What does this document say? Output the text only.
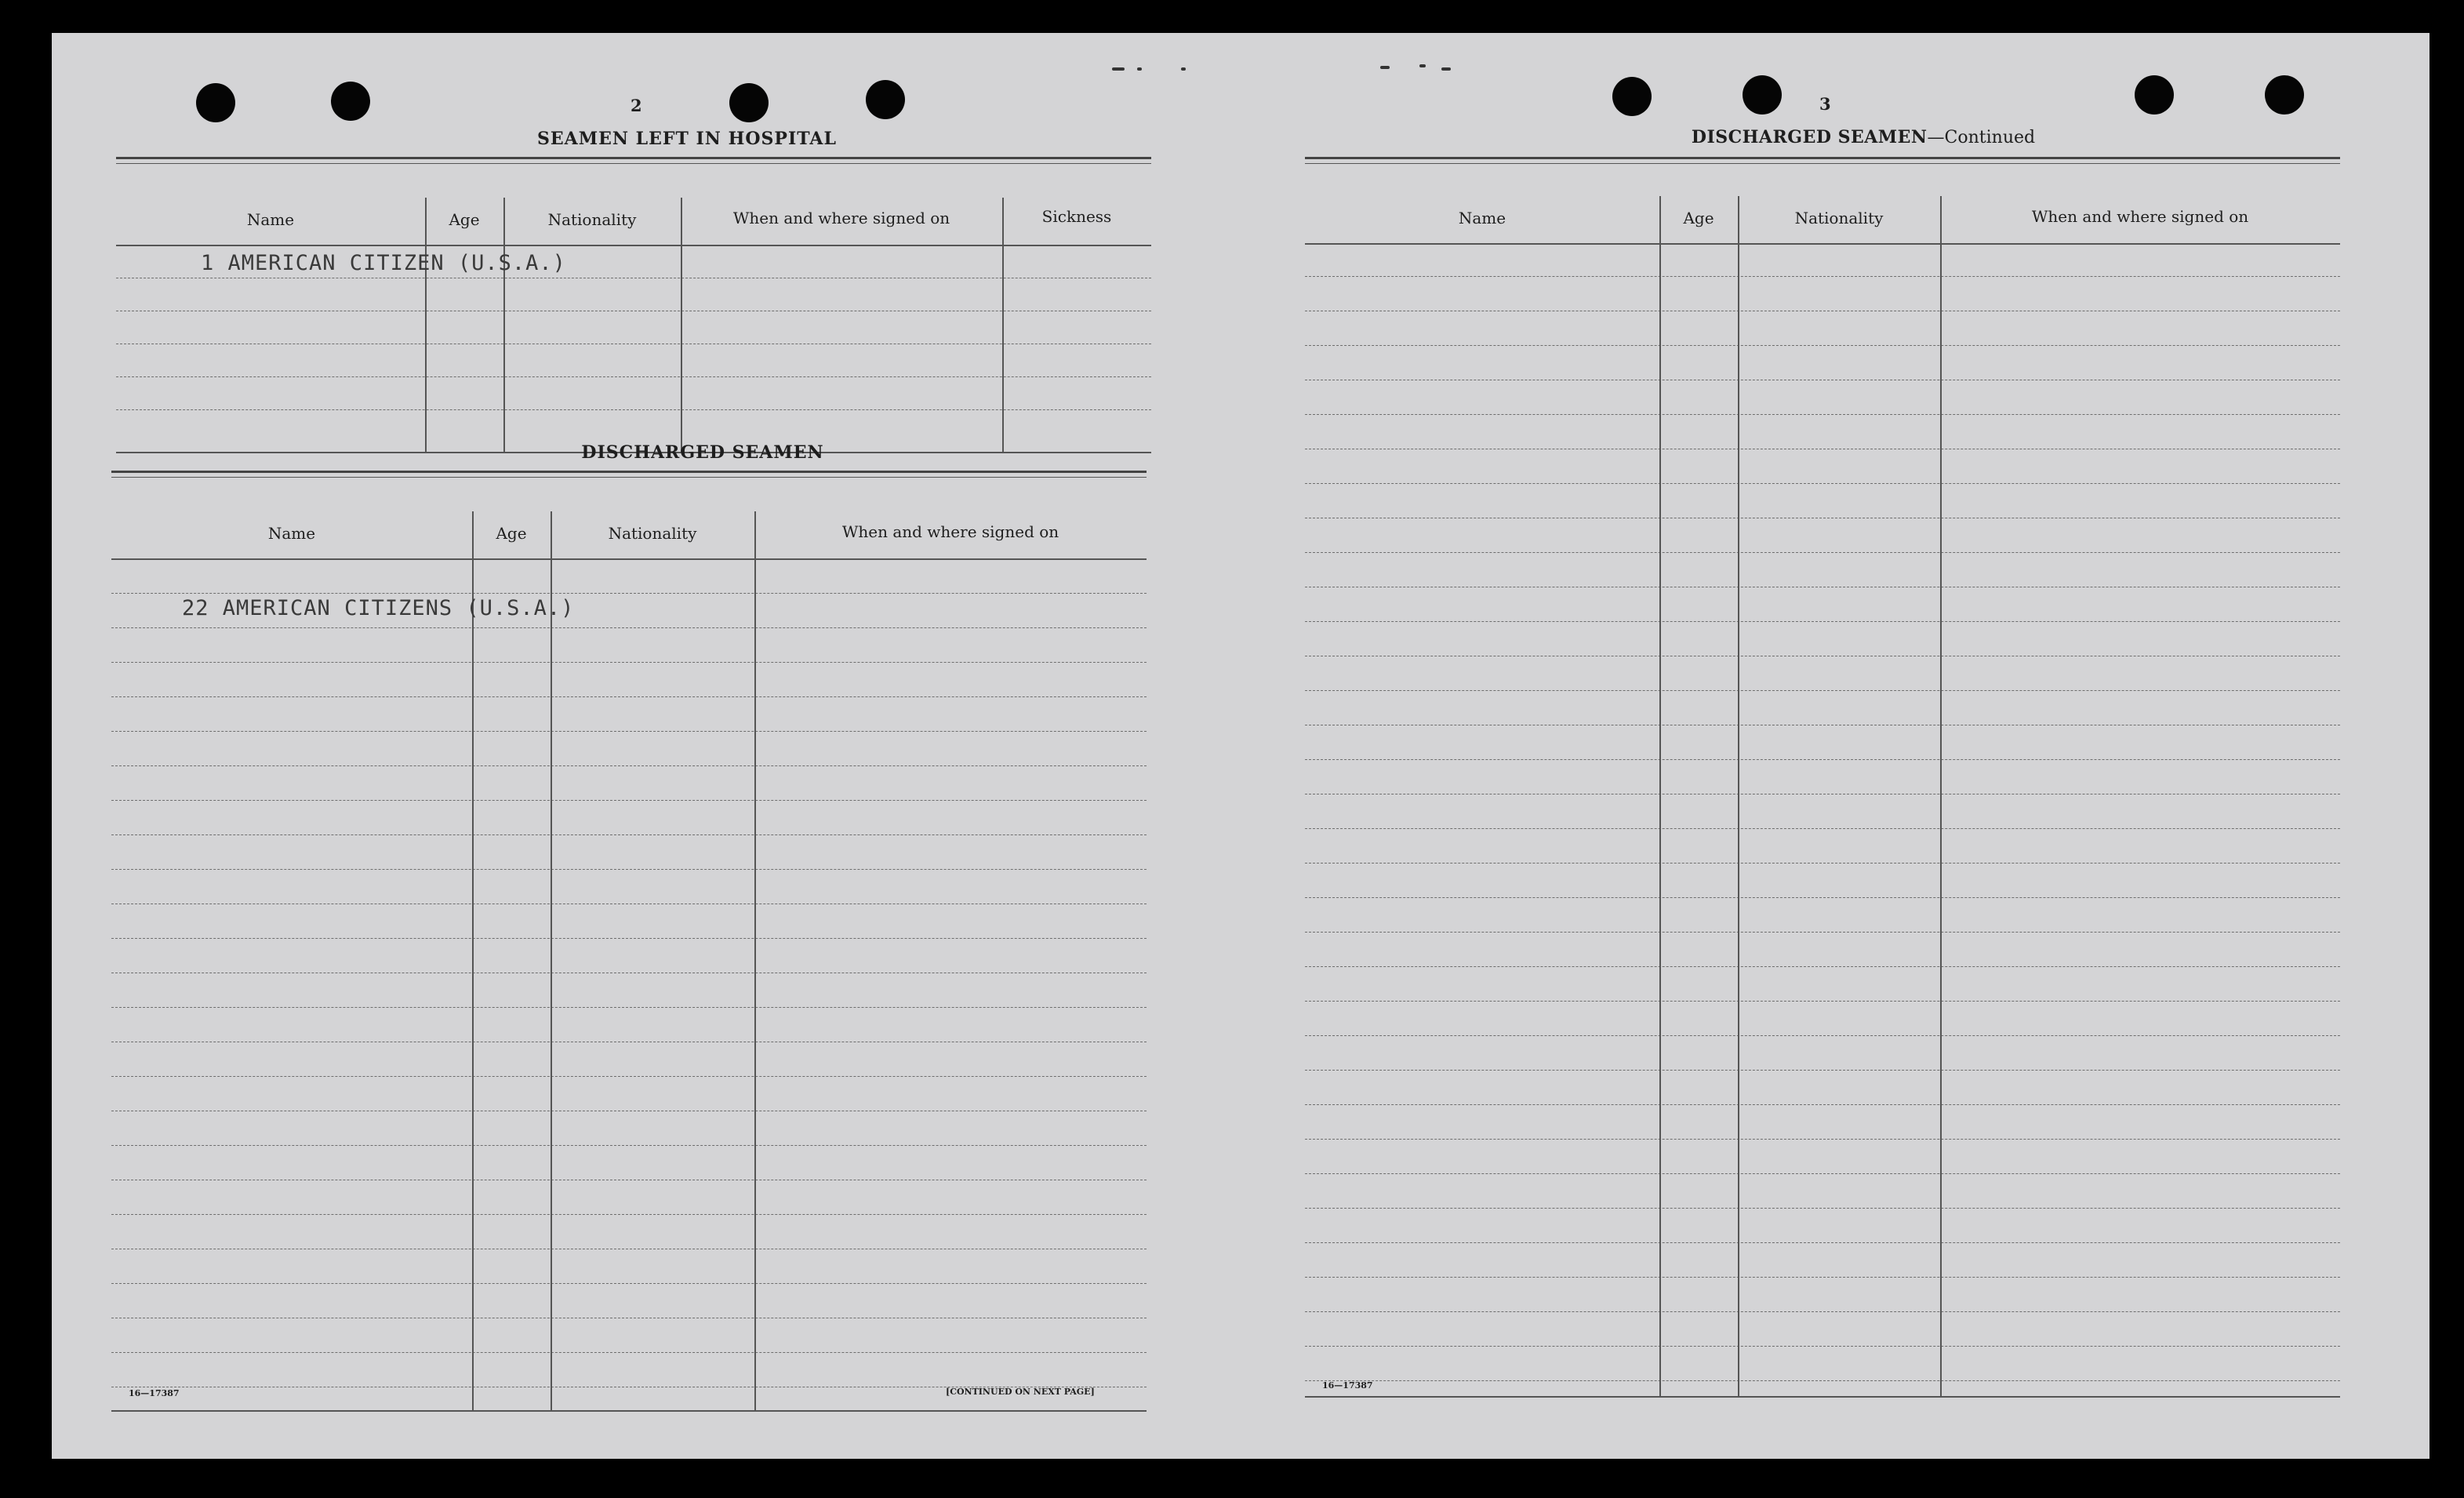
2
SEAMEN LEFT IN HOSPITAL
Name	Age	Nationality	When and where signed on	Sickness
1 AMERICAN CITIZEN (U.S.A.)
DISCHARGED SEAMEN
Name	Age	Nationality	When and where signed on
22 AMERICAN CITIZENS (U.S.A.)
16—17387	[CONTINUED ON NEXT PAGE]
3
DISCHARGED SEAMEN—Continued
Name	Age	Nationality	When and where signed on
16—17387
